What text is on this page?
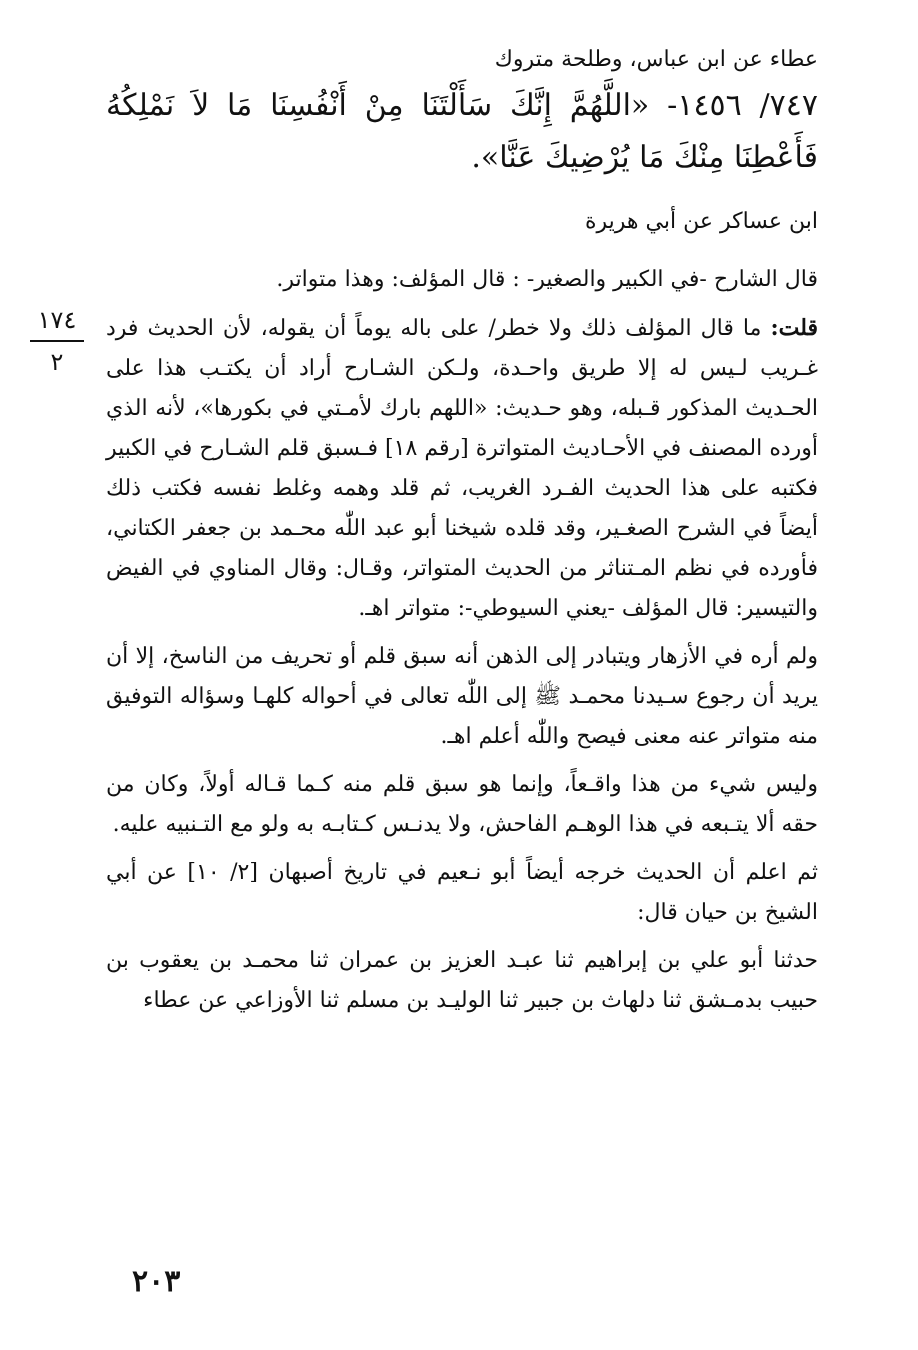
١٧٤
٢

عطاء عن ابن عباس، وطلحة متروك

٧٤٧/ ١٤٥٦- «اللَّهُمَّ إِنَّكَ سَأَلْتَنَا مِنْ أَنْفُسِنَا مَا لاَ نَمْلِكُهُ فَأَعْطِنَا مِنْكَ مَا يُرْضِيكَ عَنَّا».

ابن عساكر عن أبي هريرة

قال الشارح -في الكبير والصغير- : قال المؤلف: وهذا متواتر.

قلت: ما قال المؤلف ذلك ولا خطر/ على باله يوماً أن يقوله، لأن الحديث فرد غـريب لـيس له إلا طريق واحـدة، ولـكن الشـارح أراد أن يكتـب هذا على الحـديث المذكور قـبله، وهو حـديث: «اللهم بارك لأمـتي في بكورها»، لأنه الذي أورده المصنف في الأحـاديث المتواترة [رقم ١٨] فـسبق قلم الشـارح في الكبير فكتبه على هذا الحديث الفـرد الغريب، ثم قلد وهمه وغلط نفسه فكتب ذلك أيضاً في الشرح الصغـير، وقد قلده شيخنا أبو عبد اللّٰه محـمد بن جعفر الكتاني، فأورده في نظم المـتناثر من الحديث المتواتر، وقـال: وقال المناوي في الفيض والتيسير: قال المؤلف -يعني السيوطي-: متواتر اهـ.

ولم أره في الأزهار ويتبادر إلى الذهن أنه سبق قلم أو تحريف من الناسخ، إلا أن يريد أن رجوع سـيدنا محمـد ﷺ إلى اللّٰه تعالى في أحواله كلهـا وسؤاله التوفيق منه متواتر عنه معنى فيصح واللّٰه أعلم اهـ.

وليس شيء من هذا واقـعاً، وإنما هو سبق قلم منه كـما قـاله أولاً، وكان من حقه ألا يتـبعه في هذا الوهـم الفاحش، ولا يدنـس كـتابـه به ولو مع التـنبيه عليه.

ثم اعلم أن الحديث خرجه أيضاً أبو نـعيم في تاريخ أصبهان [٢/ ١٠] عن أبي الشيخ بن حيان قال:

حدثنا أبو علي بن إبراهيم ثنا عبـد العزيز بن عمران ثنا محمـد بن يعقوب بن حبيب بدمـشق ثنا دلهاث بن جبير ثنا الوليـد بن مسلم ثنا الأوزاعي عن عطاء

٢٠٣
